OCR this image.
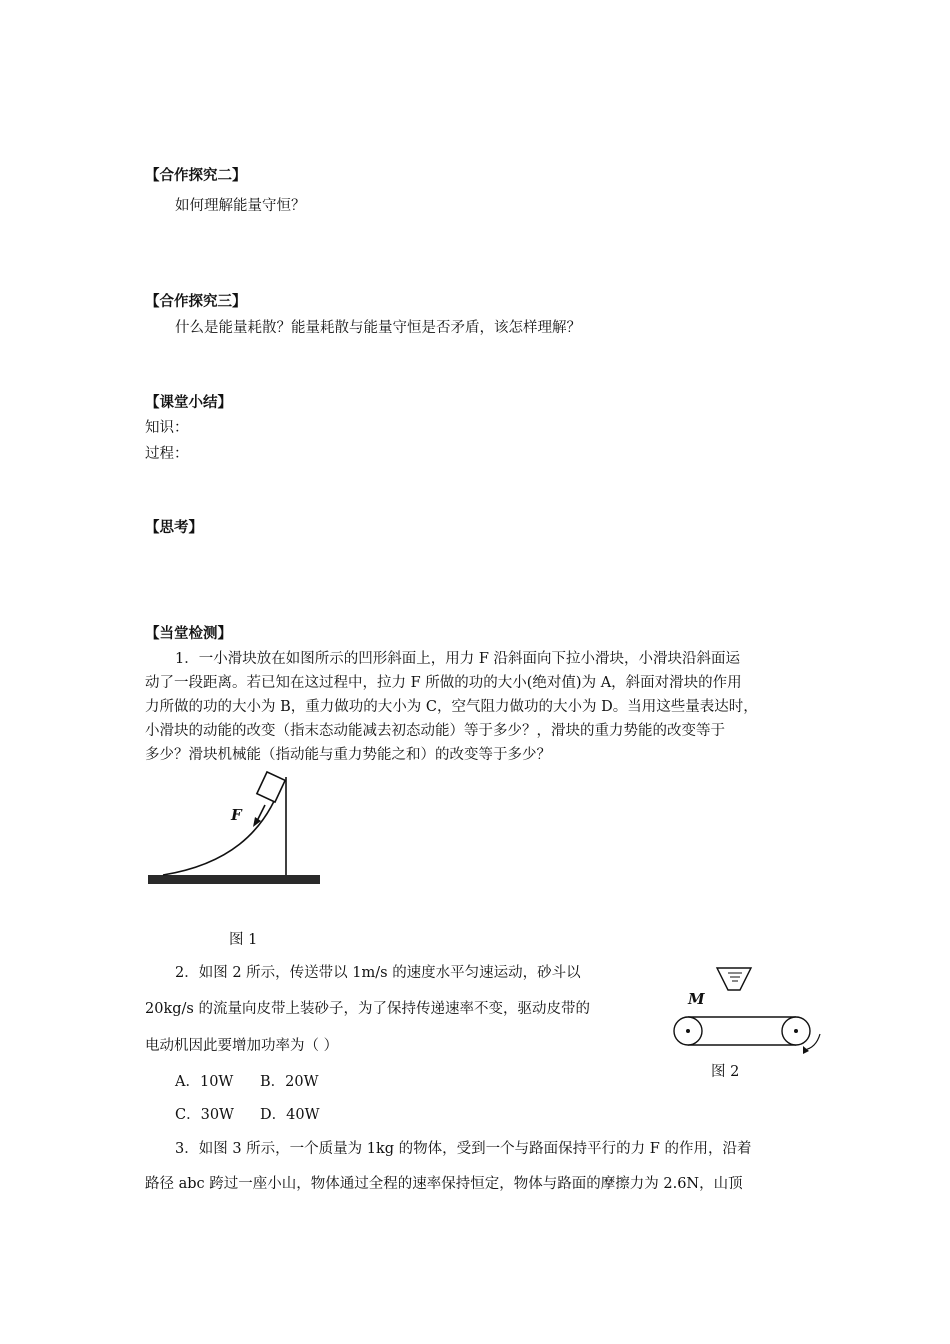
【合作探究二】
如何理解能量守恒？
【合作探究三】
什么是能量耗散？能量耗散与能量守恒是否矛盾，该怎样理解？
【课堂小结】
知识：
过程：
【思考】
【当堂检测】
1．一小滑块放在如图所示的凹形斜面上，用力 F 沿斜面向下拉小滑块，小滑块沿斜面运
动了一段距离。若已知在这过程中，拉力 F 所做的功的大小(绝对值)为 A，斜面对滑块的作用
力所做的功的大小为 B，重力做功的大小为 C，空气阻力做功的大小为 D。当用这些量表达时，
小滑块的动能的改变（指末态动能减去初态动能）等于多少？，滑块的重力势能的改变等于
多少？滑块机械能（指动能与重力势能之和）的改变等于多少？
F
图 1
2．如图 2 所示，传送带以 1m/s 的速度水平匀速运动，砂斗以
20kg/s 的流量向皮带上装砂子，为了保持传递速率不变，驱动皮带的
电动机因此要增加功率为（ ）
A．10W B．20W
C．30W D．40W
M
图 2
3．如图 3 所示，一个质量为 1kg 的物体，受到一个与路面保持平行的力 F 的作用，沿着
路径 abc 跨过一座小山，物体通过全程的速率保持恒定，物体与路面的摩擦力为 2.6N，山顶
